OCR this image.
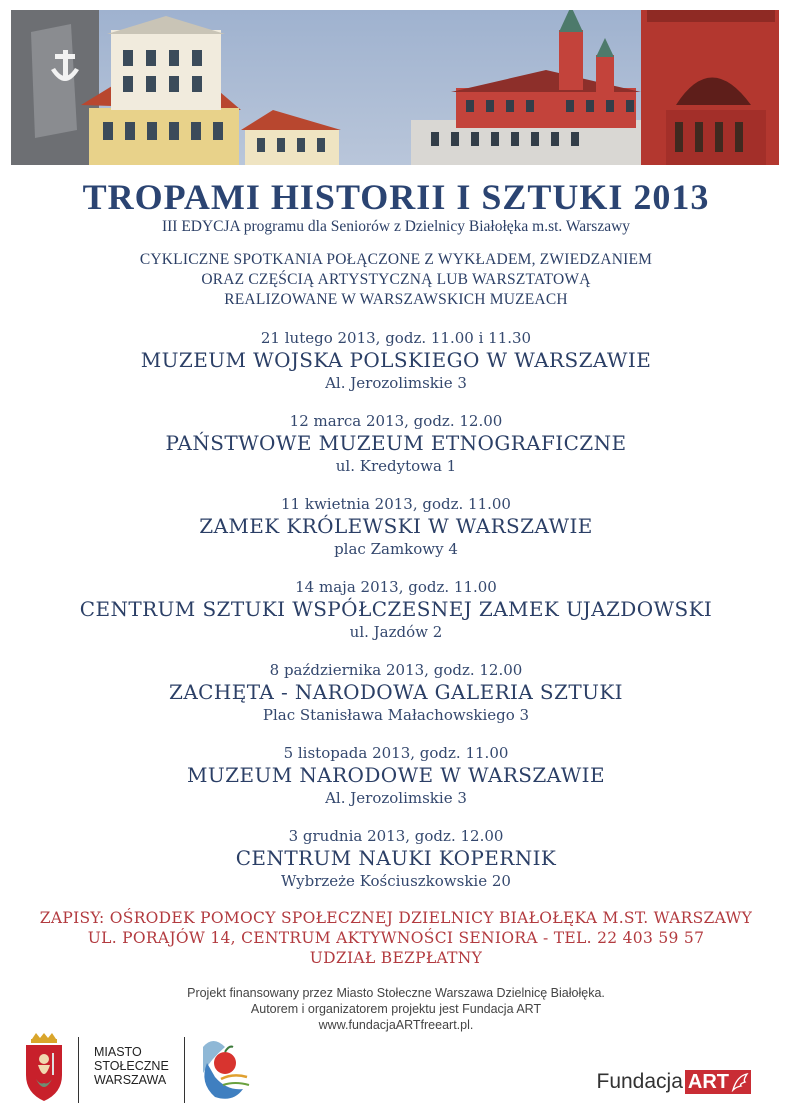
TROPAMI HISTORII I SZTUKI 2013
III EDYCJA programu dla Seniorów z Dzielnicy Białołęka m.st. Warszawy
CYKLICZNE SPOTKANIA POŁĄCZONE Z WYKŁADEM, ZWIEDZANIEM
ORAZ CZĘŚCIĄ ARTYSTYCZNĄ LUB WARSZTATOWĄ
REALIZOWANE W WARSZAWSKICH MUZEACH
21 lutego 2013, godz. 11.00 i 11.30
MUZEUM WOJSKA POLSKIEGO W WARSZAWIE
Al. Jerozolimskie 3
12 marca 2013, godz. 12.00
PAŃSTWOWE MUZEUM ETNOGRAFICZNE
ul. Kredytowa 1
11 kwietnia 2013, godz. 11.00
ZAMEK KRÓLEWSKI W WARSZAWIE
plac Zamkowy 4
14 maja 2013, godz. 11.00
CENTRUM SZTUKI WSPÓŁCZESNEJ ZAMEK UJAZDOWSKI
ul. Jazdów 2
8 października 2013, godz. 12.00
ZACHĘTA - NARODOWA GALERIA SZTUKI
Plac Stanisława Małachowskiego 3
5 listopada 2013, godz. 11.00
MUZEUM NARODOWE W WARSZAWIE
Al. Jerozolimskie 3
3 grudnia 2013, godz. 12.00
CENTRUM NAUKI KOPERNIK
Wybrzeże Kościuszkowskie 20
ZAPISY: OŚRODEK POMOCY SPOŁECZNEJ DZIELNICY BIAŁOŁĘKA M.ST. WARSZAWY
UL. PORAJÓW 14, CENTRUM AKTYWNOŚCI SENIORA - TEL. 22 403 59 57
UDZIAŁ BEZPŁATNY
Projekt finansowany przez Miasto Stołeczne Warszawa Dzielnicę Białołęka.
Autorem i organizatorem projektu jest Fundacja ART
www.fundacjaARTfreeart.pl.
MIASTO
STOŁECZNE
WARSZAWA	Fundacja ART
